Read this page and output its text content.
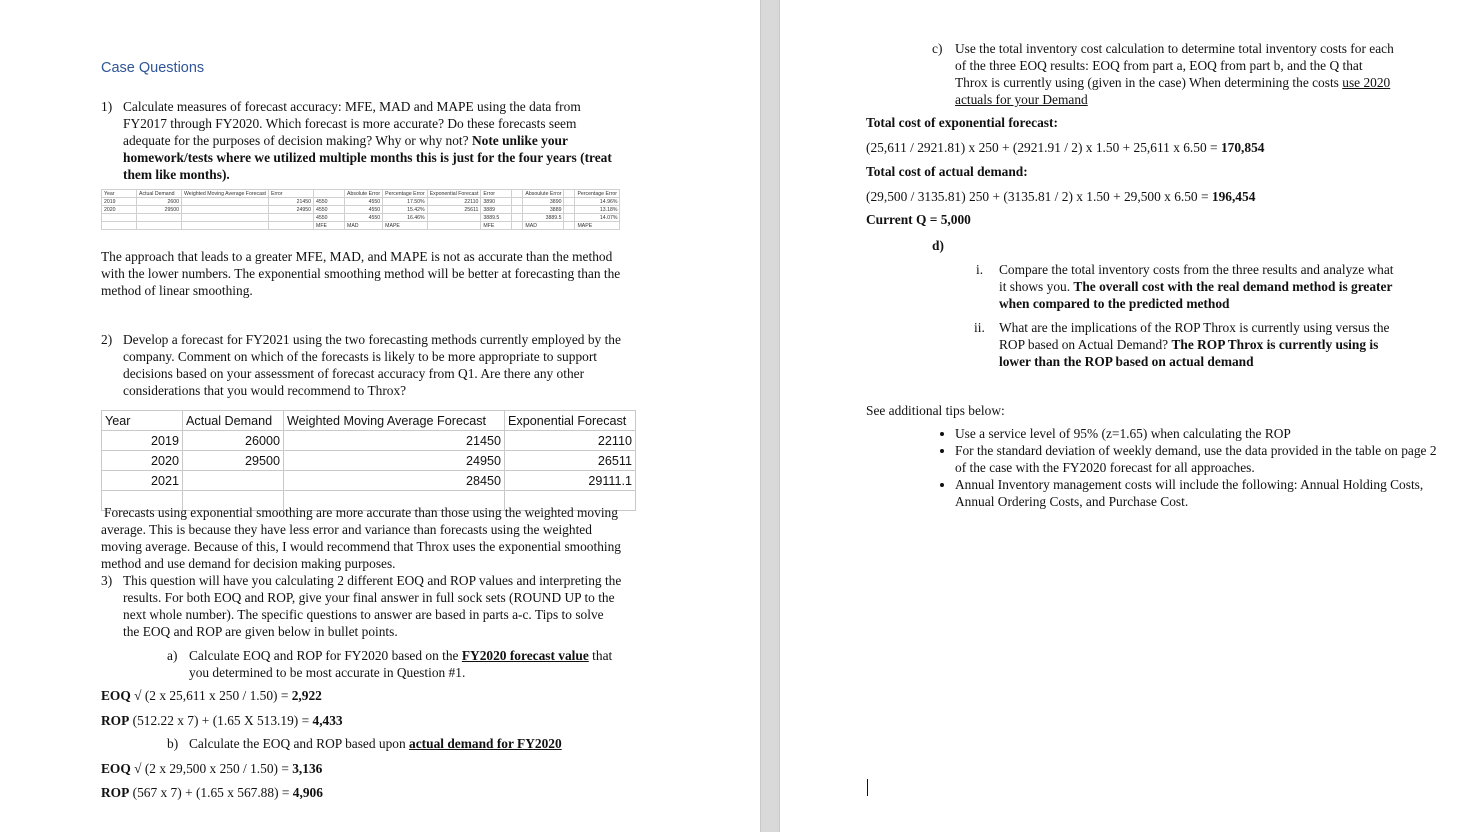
Case Questions
1) Calculate measures of forecast accuracy: MFE, MAD and MAPE using the data from
FY2017 through FY2020. Which forecast is more accurate? Do these forecasts seem
adequate for the purposes of decision making? Why or why not? Note unlike your
homework/tests where we utilized multiple months this is just for the four years (treat
them like months).
Year	Actual Demand	Weighted Moving Average Forecast	Error		Absolute Error	Percentage Error	Exponential Forecast	Error		Absoulute Error		Percentage Error
2019	2600		21450	4550	4550	17.50%	22110	3890		3890		14.96%
2020	29500		24950	4550	4550	15.42%	25611	3889		3889		13.18%
				4550	4550	16.46%		3889.5		3889.5		14.07%
				MFE	MAD	MAPE		MFE		MAD		MAPE
The approach that leads to a greater MFE, MAD, and MAPE is not as accurate than the method
with the lower numbers. The exponential smoothing method will be better at forecasting than the
method of linear smoothing.
2) Develop a forecast for FY2021 using the two forecasting methods currently employed by the
company. Comment on which of the forecasts is likely to be more appropriate to support
decisions based on your assessment of forecast accuracy from Q1. Are there any other
considerations that you would recommend to Throx?
Year	Actual Demand	Weighted Moving Average Forecast	Exponential Forecast
2019	26000	21450	22110
2020	29500	24950	26511
2021		28450	29111.1

Forecasts using exponential smoothing are more accurate than those using the weighted moving
average. This is because they have less error and variance than forecasts using the weighted
moving average. Because of this, I would recommend that Throx uses the exponential smoothing
method and use demand for decision making purposes.
3) This question will have you calculating 2 different EOQ and ROP values and interpreting the
results. For both EOQ and ROP, give your final answer in full sock sets (ROUND UP to the
next whole number). The specific questions to answer are based in parts a-c. Tips to solve
the EOQ and ROP are given below in bullet points.
a) Calculate EOQ and ROP for FY2020 based on the FY2020 forecast value that
you determined to be most accurate in Question #1.
EOQ √ (2 x 25,611 x 250 / 1.50) = 2,922
ROP (512.22 x 7) + (1.65 X 513.19) = 4,433
b) Calculate the EOQ and ROP based upon actual demand for FY2020
EOQ √ (2 x 29,500 x 250 / 1.50) = 3,136
ROP (567 x 7) + (1.65 x 567.88) = 4,906
c) Use the total inventory cost calculation to determine total inventory costs for each
of the three EOQ results: EOQ from part a, EOQ from part b, and the Q that
Throx is currently using (given in the case) When determining the costs use 2020
actuals for your Demand
Total cost of exponential forecast:
(25,611 / 2921.81) x 250 + (2921.91 / 2) x 1.50 + 25,611 x 6.50 = 170,854
Total cost of actual demand:
(29,500 / 3135.81) 250 + (3135.81 / 2) x 1.50 + 29,500 x 6.50 = 196,454
Current Q = 5,000
d)
i. Compare the total inventory costs from the three results and analyze what
it shows you. The overall cost with the real demand method is greater
when compared to the predicted method
ii. What are the implications of the ROP Throx is currently using versus the
ROP based on Actual Demand? The ROP Throx is currently using is
lower than the ROP based on actual demand
See additional tips below:
• Use a service level of 95% (z=1.65) when calculating the ROP
• For the standard deviation of weekly demand, use the data provided in the table on page 2 of the case with the FY2020 forecast for all approaches.
• Annual Inventory management costs will include the following: Annual Holding Costs, Annual Ordering Costs, and Purchase Cost.
